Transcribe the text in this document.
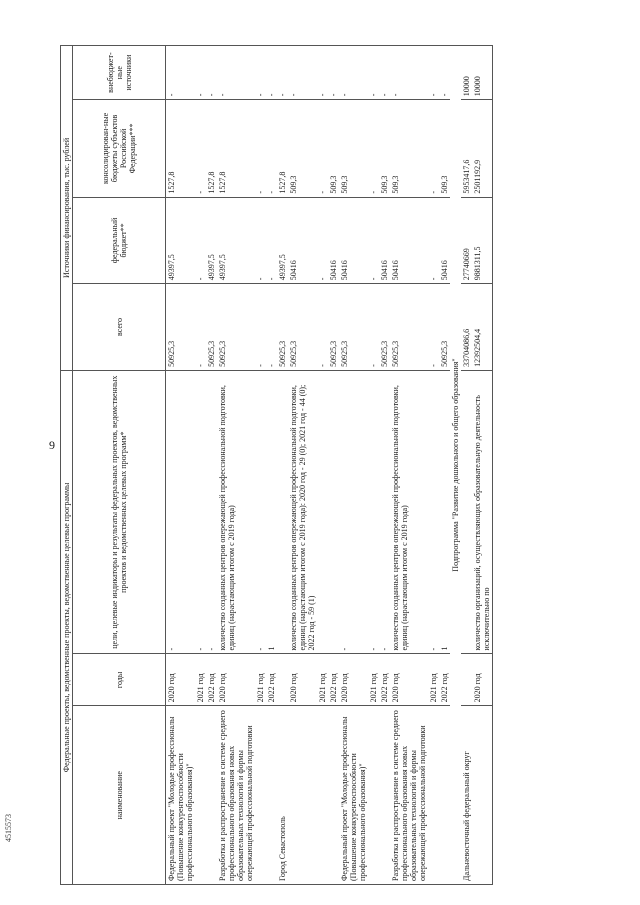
9
4515573
Федеральные проекты, ведомственные проекты, ведомственные целевые программы			Источники финансирования, тыс. рублей			
наименование	годы	цели, целевые индикаторы и результаты федеральных проектов, ведомственных проектов и ведомственных целевых программ*	всего	федеральный бюджет**	консолидирован-ные бюджеты субъектов Российской Федерации***	внебюджет-ные источники
Федеральный проект "Молодые профессионалы (Повышение конкурентоспособности профессионального образования)"	2020 год	-	50925,3	49397,5	1527,8	-
	2021 год	-	-	-	-	-
	2022 год	-	50925,3	49397,5	1527,8	-
Разработка и распространение в системе среднего профессионального образования новых образовательных технологий и формы опережающей профессиональной подготовки	2020 год	количество созданных центров опережающей профессиональной подготовки, единиц (нарастающим итогом с 2019 года)	50925,3	49397,5	1527,8	-
	2021 год	-	-	-	-	-
	2022 год	1	-	-	-	-
Город Севастополь			50925,3	49397,5	1527,8	-
	2020 год	количество созданных центров опережающей профессиональной подготовки, единиц (нарастающим итогом с 2019 года): 2020 год - 29 (0); 2021 год - 44 (0); 2022 год - 59 (1)	50925,3	50416	509,3	-
	2021 год		-	-	-	-
	2022 год		50925,3	50416	509,3	-
Федеральный проект "Молодые профессионалы (Повышение конкурентоспособности профессионального образования)"	2020 год	-	50925,3	50416	509,3	-
	2021 год	-	-	-	-	-
	2022 год	-	50925,3	50416	509,3	-
Разработка и распространение в системе среднего профессионального образования новых образовательных технологий и формы опережающей профессиональной подготовки	2020 год	количество созданных центров опережающей профессиональной подготовки, единиц (нарастающим итогом с 2019 года)	50925,3	50416	509,3	-
	2021 год	-	-	-	-	-
	2022 год	1	50925,3	50416	509,3	-
Подпрограмма "Развитие дошкольного и общего образования"						
Дальневосточный федеральный округ			33704086,6	27740669	5953417,6	10000
	2020 год	количество организаций, осуществляющих образовательную деятельность исключительно по	12392504,4	9881311,5	2501192,9	10000
